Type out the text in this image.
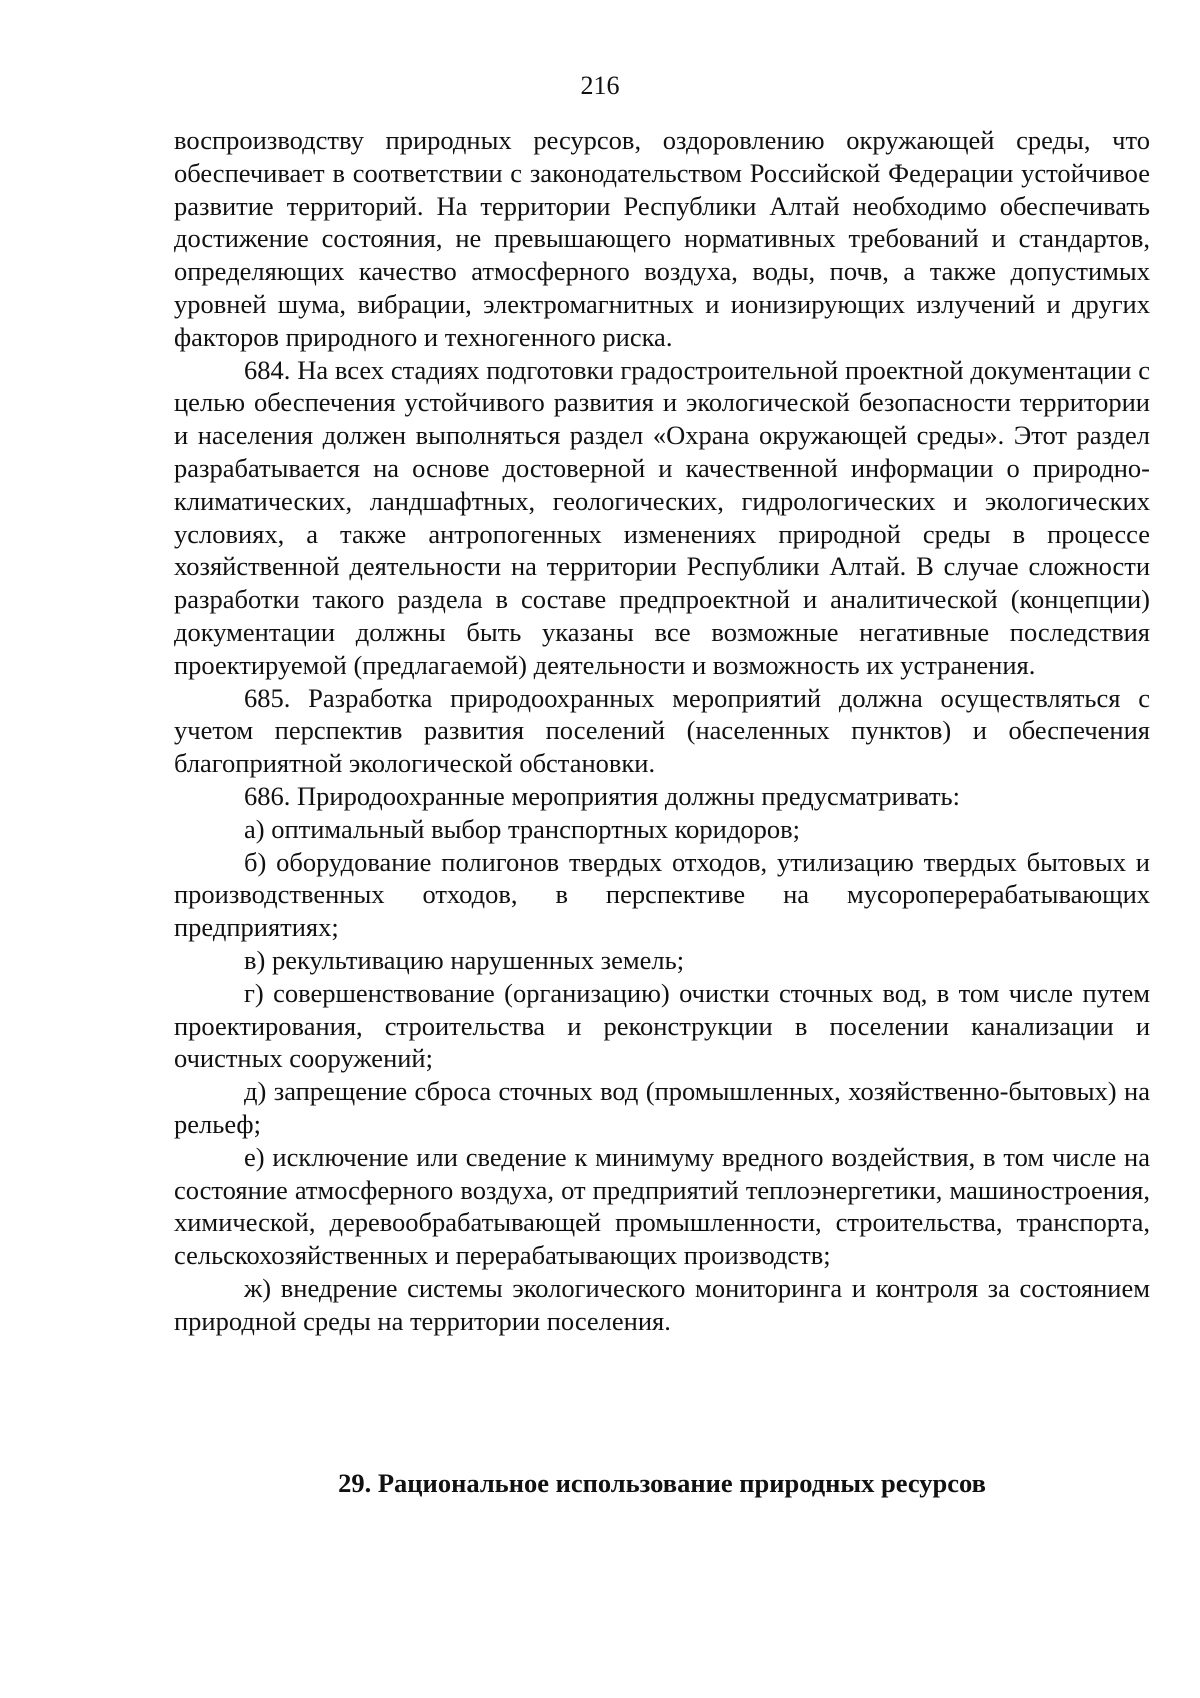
216

воспроизводству природных ресурсов, оздоровлению окружающей среды, что обеспечивает в соответствии с законодательством Российской Федерации устойчивое развитие территорий. На территории Республики Алтай необходимо обеспечивать достижение состояния, не превышающего нормативных требований и стандартов, определяющих качество атмосферного воздуха, воды, почв, а также допустимых уровней шума, вибрации, электромагнитных и ионизирующих излучений и других факторов природного и техногенного риска.

684. На всех стадиях подготовки градостроительной проектной документации с целью обеспечения устойчивого развития и экологической безопасности территории и населения должен выполняться раздел «Охрана окружающей среды». Этот раздел разрабатывается на основе достоверной и качественной информации о природно-климатических, ландшафтных, геологических, гидрологических и экологических условиях, а также антропогенных изменениях природной среды в процессе хозяйственной деятельности на территории Республики Алтай. В случае сложности разработки такого раздела в составе предпроектной и аналитической (концепции) документации должны быть указаны все возможные негативные последствия проектируемой (предлагаемой) деятельности и возможность их устранения.

685. Разработка природоохранных мероприятий должна осуществляться с учетом перспектив развития поселений (населенных пунктов) и обеспечения благоприятной экологической обстановки.

686. Природоохранные мероприятия должны предусматривать:

а) оптимальный выбор транспортных коридоров;

б) оборудование полигонов твердых отходов, утилизацию твердых бытовых и производственных отходов, в перспективе на мусороперерабатывающих предприятиях;

в) рекультивацию нарушенных земель;

г) совершенствование (организацию) очистки сточных вод, в том числе путем проектирования, строительства и реконструкции в поселении канализации и очистных сооружений;

д) запрещение сброса сточных вод (промышленных, хозяйственно-бытовых) на рельеф;

е) исключение или сведение к минимуму вредного воздействия, в том числе на состояние атмосферного воздуха, от предприятий теплоэнергетики, машиностроения, химической, деревообрабатывающей промышленности, строительства, транспорта, сельскохозяйственных и перерабатывающих производств;

ж) внедрение системы экологического мониторинга и контроля за состоянием природной среды на территории поселения.

29. Рациональное использование природных ресурсов
